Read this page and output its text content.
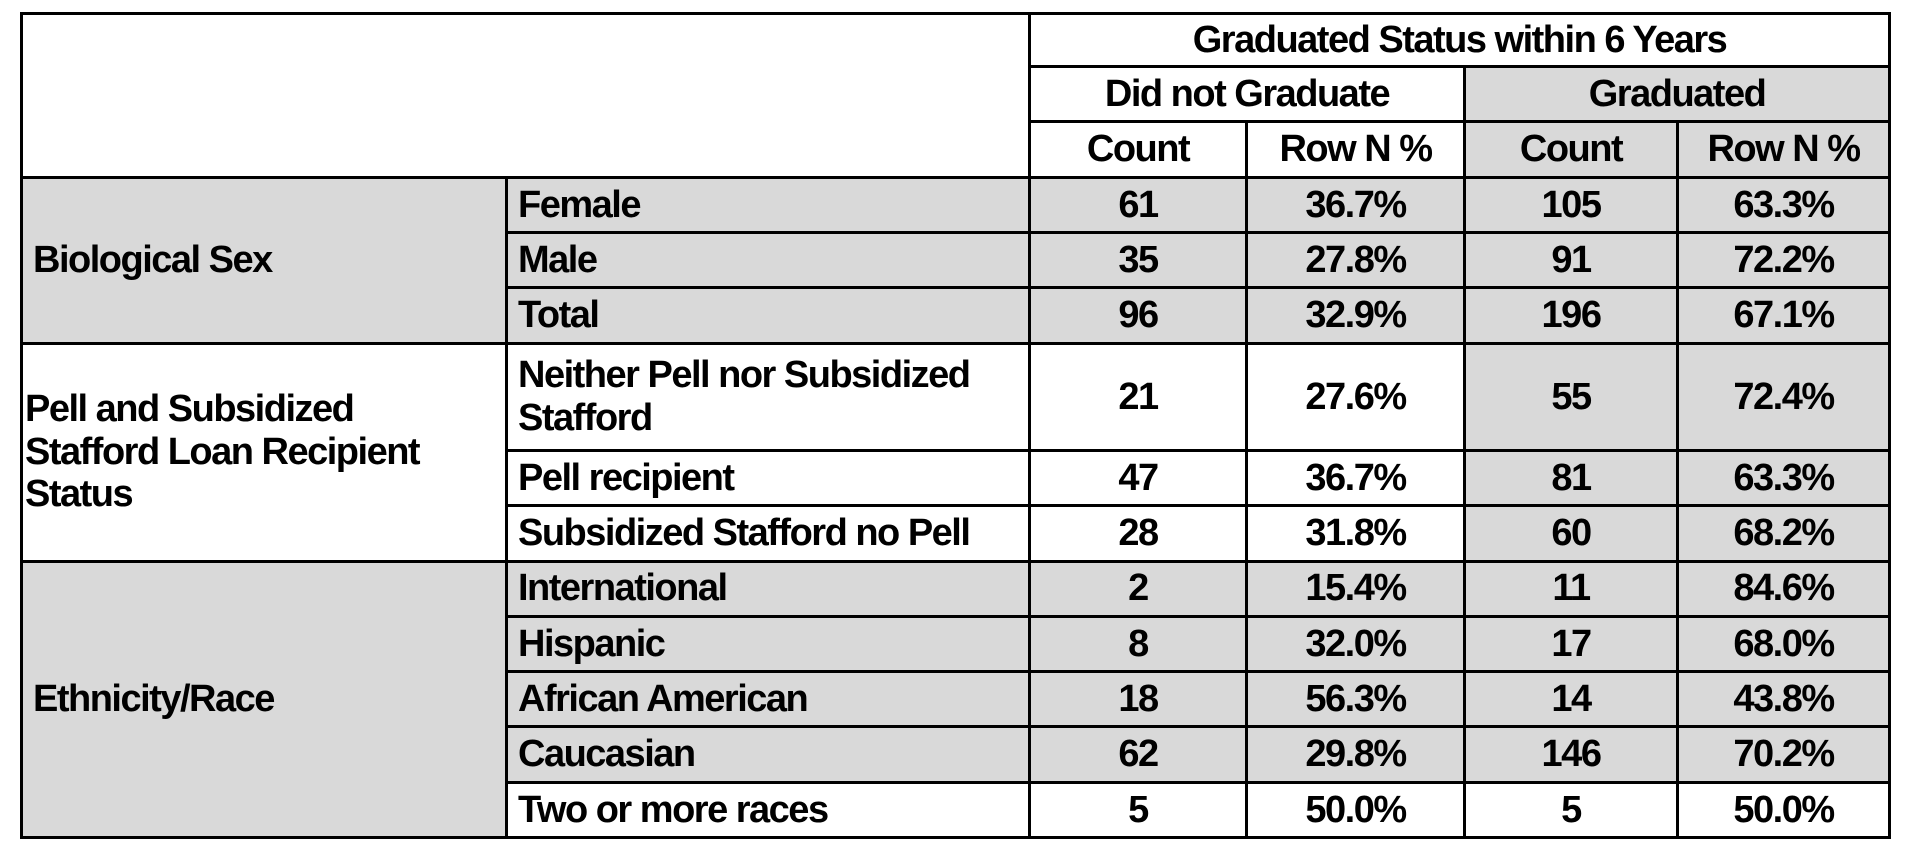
		Graduated Status within 6 Years			
		Did not Graduate		Graduated	
		Count	Row N %	Count	Row N %
Biological Sex	Female	61	36.7%	105	63.3%
	Male	35	27.8%	91	72.2%
	Total	96	32.9%	196	67.1%
Pell and Subsidized Stafford Loan Recipient Status	Neither Pell nor Subsidized Stafford	21	27.6%	55	72.4%
	Pell recipient	47	36.7%	81	63.3%
	Subsidized Stafford no Pell	28	31.8%	60	68.2%
Ethnicity/Race	International	2	15.4%	11	84.6%
	Hispanic	8	32.0%	17	68.0%
	African American	18	56.3%	14	43.8%
	Caucasian	62	29.8%	146	70.2%
	Two or more races	5	50.0%	5	50.0%
